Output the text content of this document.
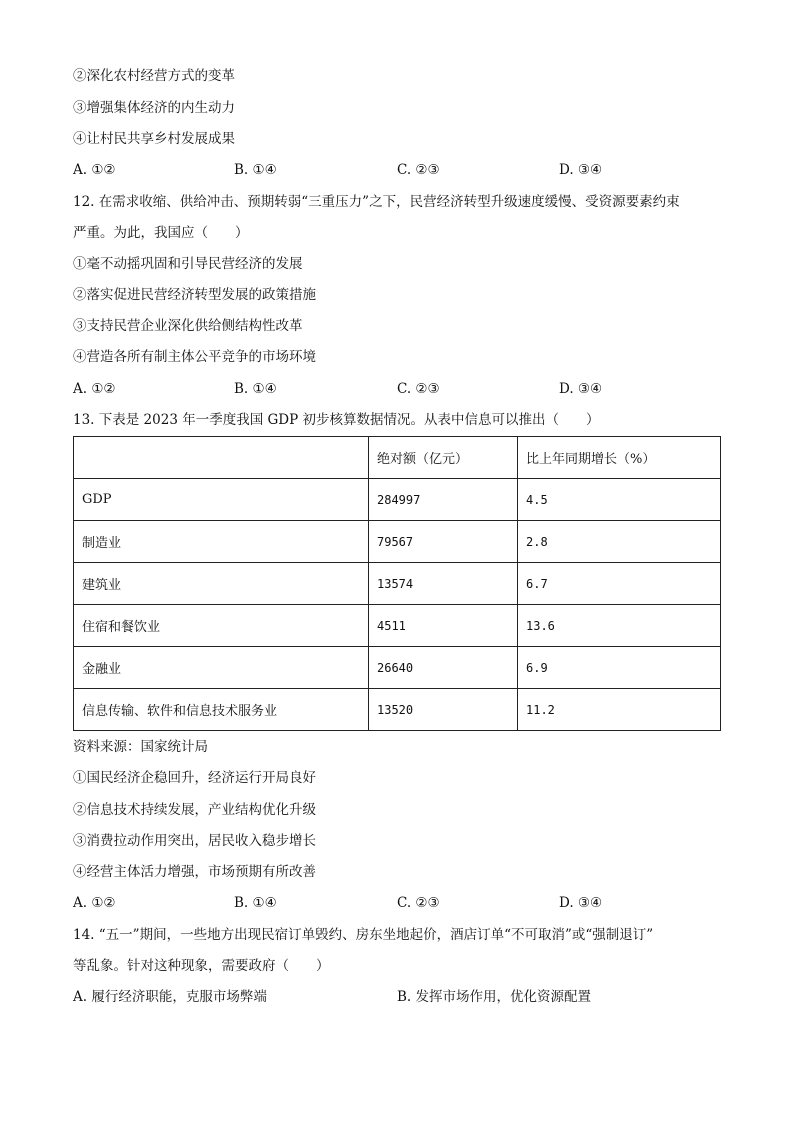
②深化农村经营方式的变革
③增强集体经济的内生动力
④让村民共享乡村发展成果
A. ①②	B. ①④	C. ②③	D. ③④
12. 在需求收缩、供给冲击、预期转弱“三重压力”之下，民营经济转型升级速度缓慢、受资源要素约束
严重。为此，我国应（　　）
①毫不动摇巩固和引导民营经济的发展
②落实促进民营经济转型发展的政策措施
③支持民营企业深化供给侧结构性改革
④营造各所有制主体公平竞争的市场环境
A. ①②	B. ①④	C. ②③	D. ③④
13. 下表是 2023 年一季度我国 GDP 初步核算数据情况。从表中信息可以推出（　　）
	绝对额（亿元）	比上年同期增长（%）
GDP	284997	4.5
制造业	79567	2.8
建筑业	13574	6.7
住宿和餐饮业	4511	13.6
金融业	26640	6.9
信息传输、软件和信息技术服务业	13520	11.2
资料来源：国家统计局
①国民经济企稳回升，经济运行开局良好
②信息技术持续发展，产业结构优化升级
③消费拉动作用突出，居民收入稳步增长
④经营主体活力增强，市场预期有所改善
A. ①②	B. ①④	C. ②③	D. ③④
14. “五一”期间，一些地方出现民宿订单毁约、房东坐地起价，酒店订单“不可取消”或“强制退订”
等乱象。针对这种现象，需要政府（　　）
A. 履行经济职能，克服市场弊端	B. 发挥市场作用，优化资源配置
